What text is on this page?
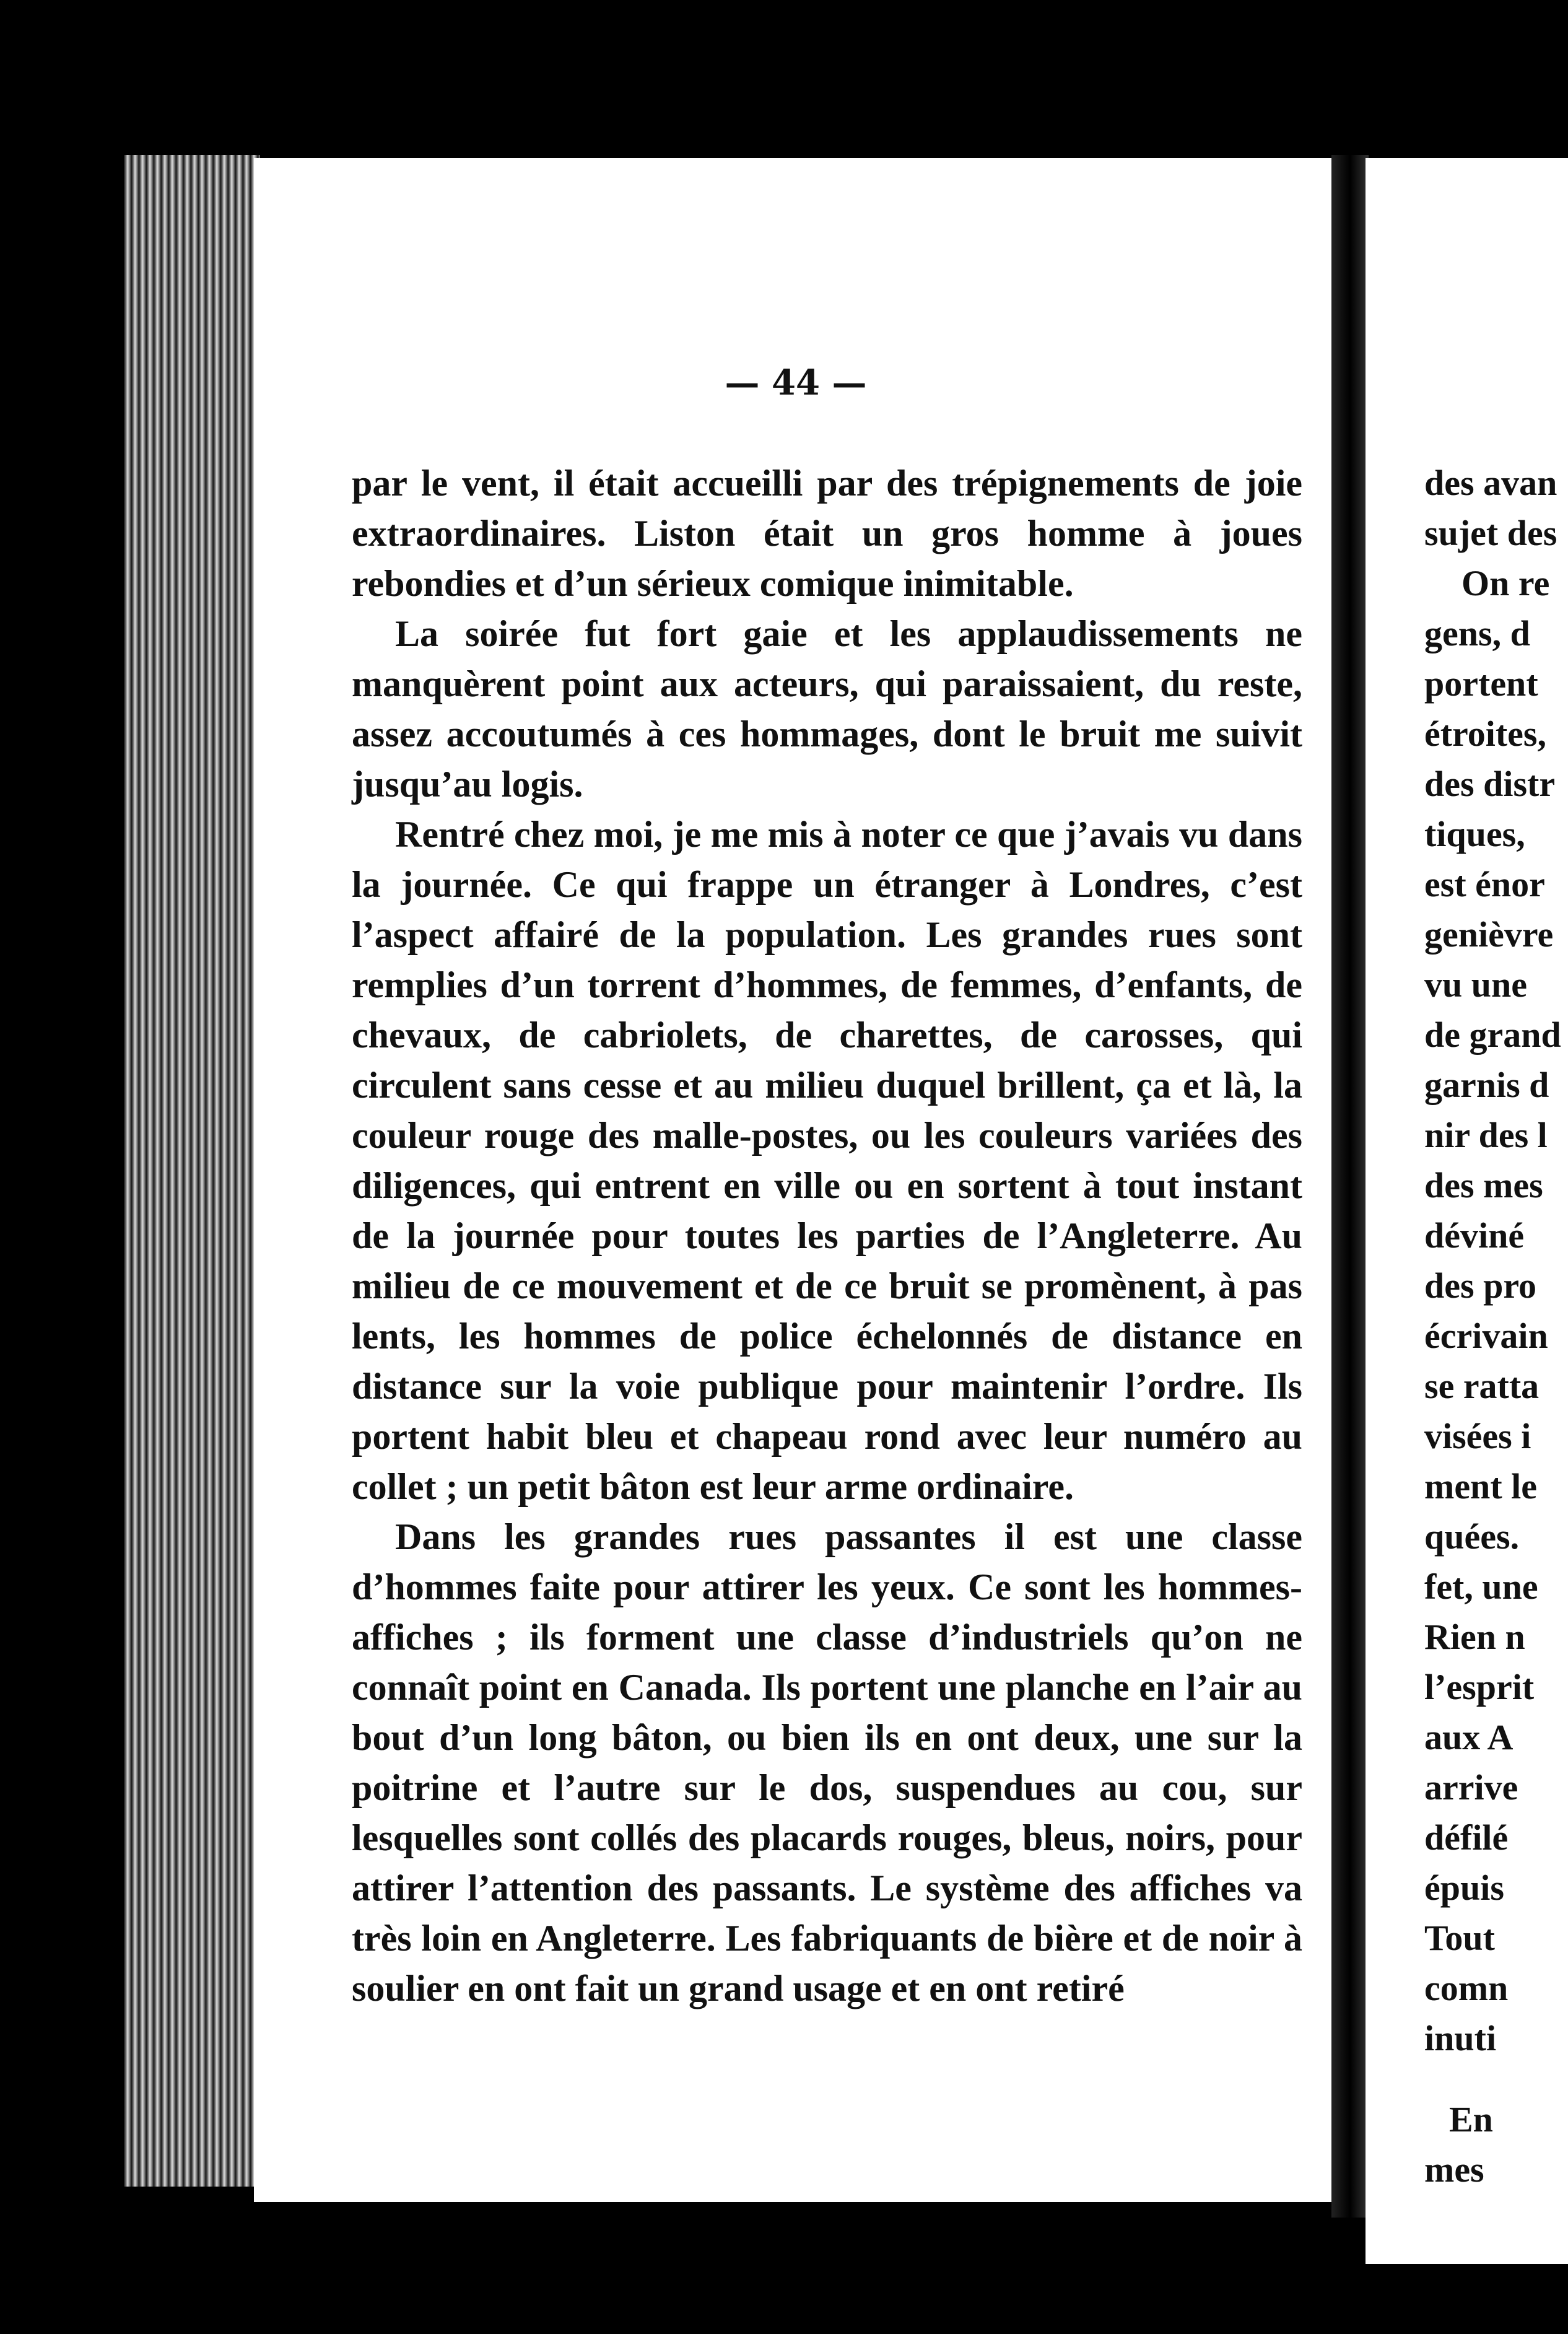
— 44 —

par le vent, il était accueilli par des trépignements de joie extraordinaires. Liston était un gros homme à joues rebondies et d’un sérieux comique inimitable.

La soirée fut fort gaie et les applaudissements ne manquèrent point aux acteurs, qui paraissaient, du reste, assez accoutumés à ces hommages, dont le bruit me suivit jusqu’au logis.

Rentré chez moi, je me mis à noter ce que j’avais vu dans la journée. Ce qui frappe un étranger à Londres, c’est l’aspect affairé de la population. Les grandes rues sont remplies d’un torrent d’hommes, de femmes, d’enfants, de chevaux, de cabriolets, de charettes, de carosses, qui circulent sans cesse et au milieu duquel brillent, ça et là, la couleur rouge des malle-postes, ou les couleurs variées des diligences, qui entrent en ville ou en sortent à tout instant de la journée pour toutes les parties de l’Angleterre. Au milieu de ce mouvement et de ce bruit se promènent, à pas lents, les hommes de police échelonnés de distance en distance sur la voie publique pour maintenir l’ordre. Ils portent habit bleu et chapeau rond avec leur numéro au collet ; un petit bâton est leur arme ordinaire.

Dans les grandes rues passantes il est une classe d’hommes faite pour attirer les yeux. Ce sont les hommes-affiches ; ils forment une classe d’industriels qu’on ne connaît point en Canada. Ils portent une planche en l’air au bout d’un long bâton, ou bien ils en ont deux, une sur la poitrine et l’autre sur le dos, suspendues au cou, sur lesquelles sont collés des placards rouges, bleus, noirs, pour attirer l’attention des passants. Le système des affiches va très loin en Angleterre. Les fabriquants de bière et de noir à soulier en ont fait un grand usage et en ont retiré

des avan
sujet des
On re
gens, d
portent
étroites,
des distr
tiques,
est énor
genièvre
vu une
de grand
garnis d
nir des l
des mes
déviné
des pro
écrivain
se ratta
visées i
ment le
quées.
fet, une
Rien n
l’esprit
aux A
arrive
défilé
épuis
Tout
comn
inuti
En
mes
